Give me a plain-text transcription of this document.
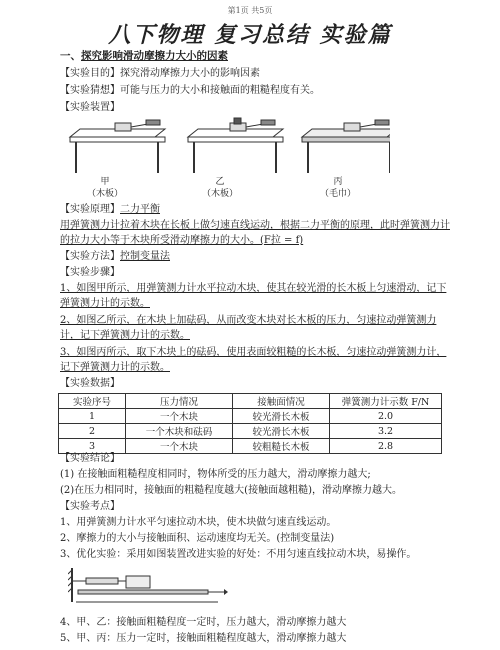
第1页 共5页
八下物理 复习总结 实验篇
一、探究影响滑动摩擦力大小的因素
【实验目的】探究滑动摩擦力大小的影响因素
【实验猜想】可能与压力的大小和接触面的粗糙程度有关。
【实验装置】
甲
（木板）
乙
（木板）
丙
（毛巾）
【实验原理】二力平衡
用弹簧测力计拉着木块在长板上做匀速直线运动，根据二力平衡的原理，此时弹簧测力计的拉力大小等于木块所受滑动摩擦力的大小。(F拉 = f)
【实验方法】控制变量法
【实验步骤】
1、如图甲所示，用弹簧测力计水平拉动木块，使其在较光滑的长木板上匀速滑动，记下弹簧测力计的示数。
2、如图乙所示，在木块上加砝码，从而改变木块对长木板的压力，匀速拉动弹簧测力计，记下弹簧测力计的示数。
3、如图丙所示，取下木块上的砝码，使用表面较粗糙的长木板，匀速拉动弹簧测力计，记下弹簧测力计的示数。
【实验数据】
实验序号	压力情况	接触面情况	弹簧测力计示数 F/N
1	一个木块	较光滑长木板	2.0
2	一个木块和砝码	较光滑长木板	3.2
3	一个木块	较粗糙长木板	2.8
【实验结论】
(1) 在接触面粗糙程度相同时，物体所受的压力越大，滑动摩擦力越大;
(2)在压力相同时，接触面的粗糙程度越大(接触面越粗糙)，滑动摩擦力越大。
【实验考点】
1、用弹簧测力计水平匀速拉动木块，使木块做匀速直线运动。
2、摩擦力的大小与接触面积、运动速度均无关。(控制变量法)
3、优化实验：采用如图装置改进实验的好处：不用匀速直线拉动木块，易操作。
4、甲、乙：接触面粗糙程度一定时，压力越大，滑动摩擦力越大
5、甲、丙：压力一定时，接触面粗糙程度越大，滑动摩擦力越大
